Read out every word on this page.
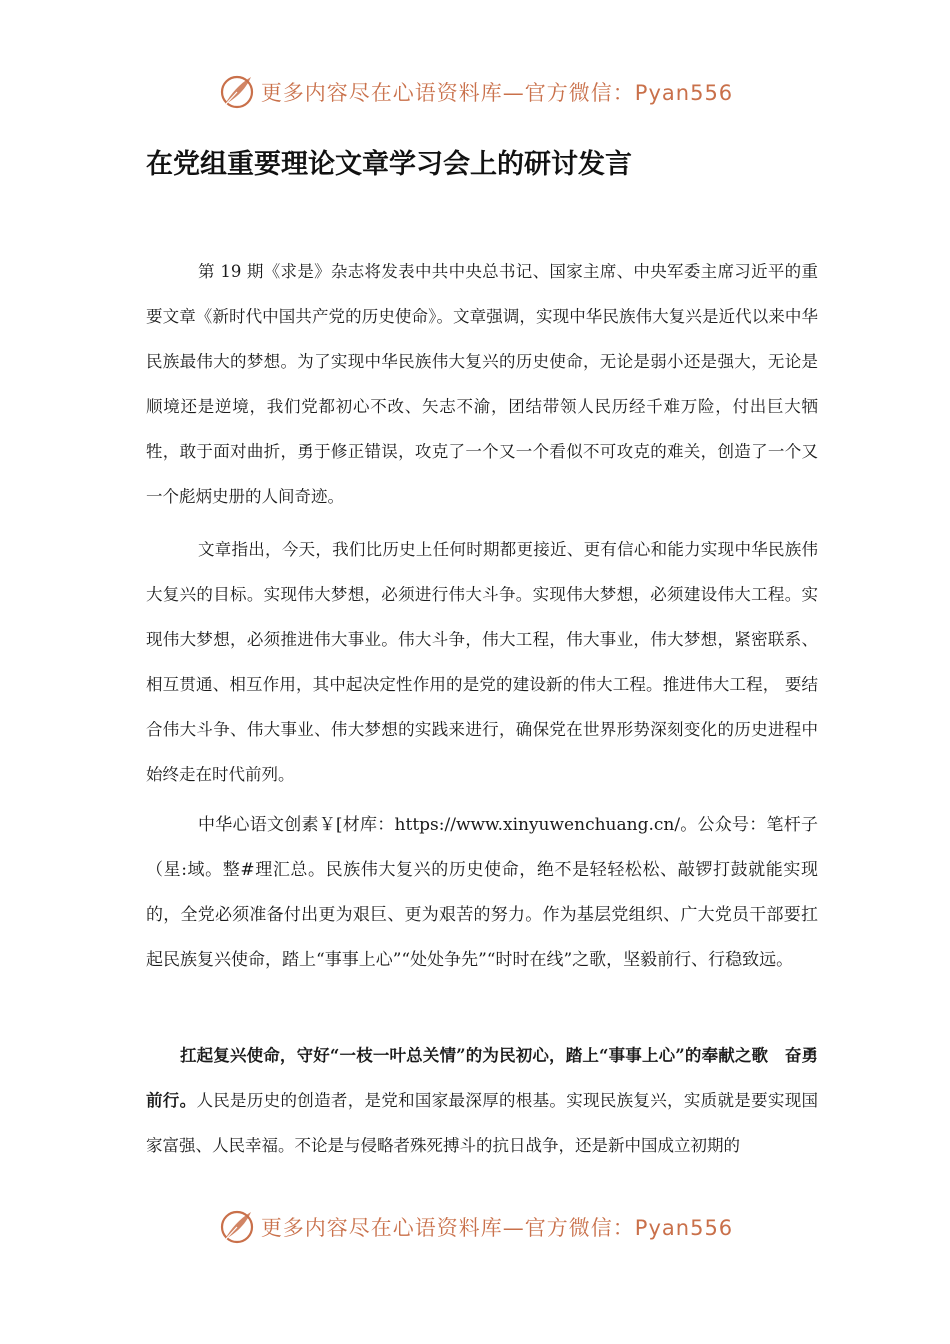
更多内容尽在心语资料库—官方微信：Pyan556
在党组重要理论文章学习会上的研讨发言

第 19 期《求是》杂志将发表中共中央总书记、国家主席、中央军委主席习近平的重要文章《新时代中国共产党的历史使命》。文章强调，实现中华民族伟大复兴是近代以来中华民族最伟大的梦想。为了实现中华民族伟大复兴的历史使命，无论是弱小还是强大，无论是顺境还是逆境，我们党都初心不改、矢志不渝，团结带领人民历经千难万险，付出巨大牺牲，敢于面对曲折，勇于修正错误，攻克了一个又一个看似不可攻克的难关，创造了一个又一个彪炳史册的人间奇迹。

文章指出，今天，我们比历史上任何时期都更接近、更有信心和能力实现中华民族伟大复兴的目标。实现伟大梦想，必须进行伟大斗争。实现伟大梦想，必须建设伟大工程。实现伟大梦想，必须推进伟大事业。伟大斗争，伟大工程，伟大事业，伟大梦想，紧密联系、相互贯通、相互作用，其中起决定性作用的是党的建设新的伟大工程。推进伟大工程， 要结合伟大斗争、伟大事业、伟大梦想的实践来进行，确保党在世界形势深刻变化的历史进程中始终走在时代前列。

中华心语文创素￥[材库：https://www.xinyuwenchuang.cn/。公众号：笔杆子（星:域。整#理汇总。民族伟大复兴的历史使命，绝不是轻轻松松、敲锣打鼓就能实现的，全党必须准备付出更为艰巨、更为艰苦的努力。作为基层党组织、广大党员干部要扛起民族复兴使命，踏上“事事上心”“处处争先”“时时在线”之歌，坚毅前行、行稳致远。

扛起复兴使命，守好“一枝一叶总关情”的为民初心，踏上“事事上心”的奉献之歌　奋勇前行。人民是历史的创造者，是党和国家最深厚的根基。实现民族复兴，实质就是要实现国家富强、人民幸福。不论是与侵略者殊死搏斗的抗日战争，还是新中国成立初期的

更多内容尽在心语资料库—官方微信：Pyan556
